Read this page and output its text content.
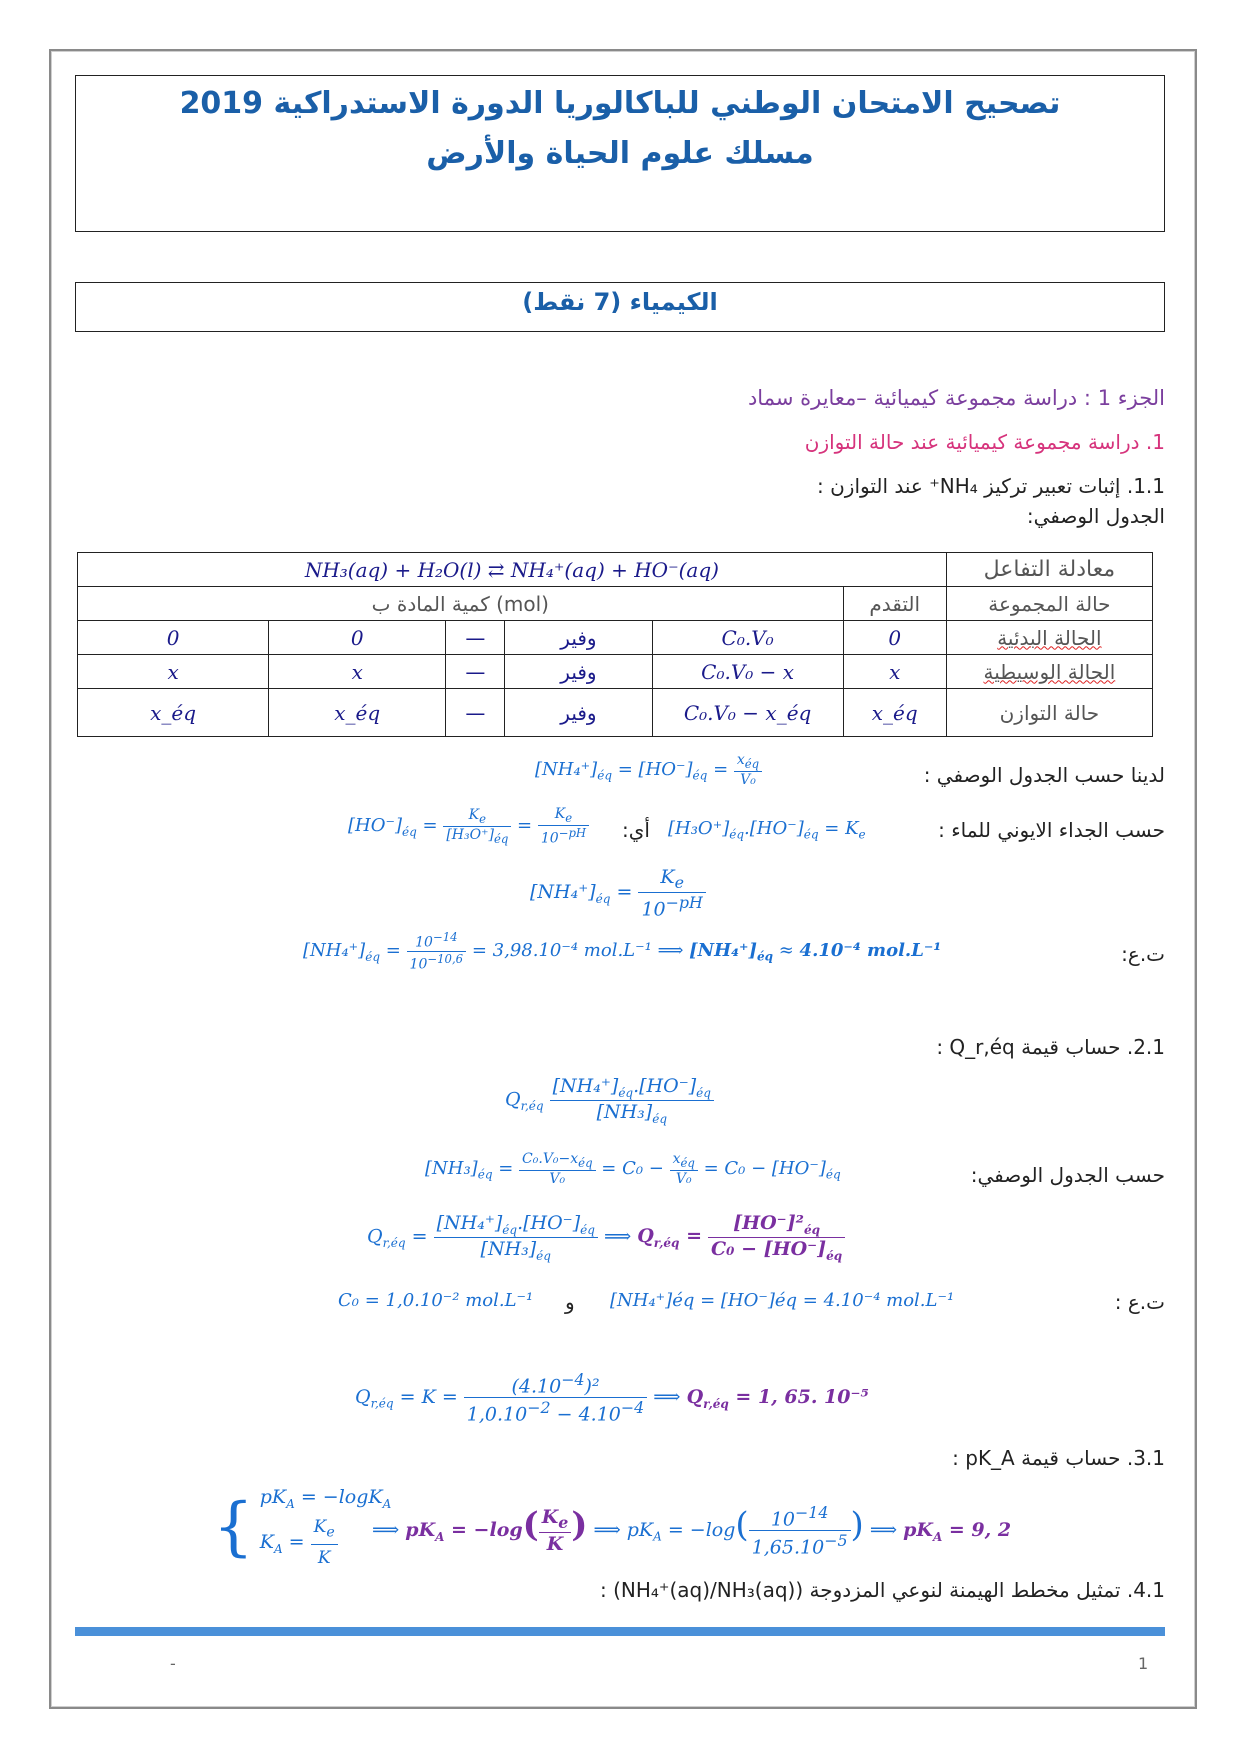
تصحيح الامتحان الوطني للباكالوريا الدورة الاستدراكية 2019
مسلك علوم الحياة والأرض
الكيمياء (7 نقط)
الجزء 1 : دراسة مجموعة كيميائية –معايرة سماد
1. دراسة مجموعة كيميائية عند حالة التوازن
1.1. إثبات تعبير تركيز NH₄⁺ عند التوازن :
الجدول الوصفي:
NH₃(aq) + H₂O(l) ⇄ NH₄⁺(aq) + HO⁻(aq)						معادلة التفاعل
كمية المادة ب (mol)					التقدم	حالة المجموعة
0	0	—	وفير	C₀.V₀	0	الحالة البدئية
x	x	—	وفير	C₀.V₀ − x	x	الحالة الوسيطية
x_éq	x_éq	—	وفير	C₀.V₀ − x_éq	x_éq	حالة التوازن
لدينا حسب الجدول الوصفي :
$[NH_4^+]_{éq} = [HO^-]_{éq} = \frac{x_{éq}}{\text{V₀}}$
حسب الجداء الايوني للماء :
$[H_3O^+]_{éq}.[HO^-]_{éq} = K_e$
أي:
$[HO^-]_{éq} = \frac{K_e}{[H_3O^+]_{éq}} = \frac{K_e}{10^{-pH}}$
$[NH_4^+]_{éq} = \frac{K_e}{10^{-pH}}$
ت.ع:
$[NH_4^+]_{éq} = \frac{10^{-14}}{10^{-10,6}} = 3,98.10^{-4}$ mol.L⁻¹ ⟹ $[NH_4^+]_{éq} \approx 4.10^{-4}$ mol.L⁻¹
2.1. حساب قيمة Q_r,éq :
$Q_{r,éq} \frac{[NH_4^+]_{éq}.[HO^-]_{éq}}{[NH_3]_{éq}}$
حسب الجدول الوصفي:
$[NH_3]_{éq} = \frac{C_0.V_0-x_{éq}}{\text{V₀}} = C_0 - \frac{x_{éq}}{\text{V₀}} = C_0 - [HO^-]_{éq}$
$Q_{r,éq} = \frac{[NH_4^+]_{éq}.[HO^-]_{éq}}{[NH_3]_{éq}}$ ⟹ $Q_{r,éq} = \frac{[HO^-]^2_{éq}}{C_0 - [HO^-]_{éq}}$
ت.ع :
[NH₄⁺]éq = [HO⁻]éq = 4.10⁻⁴ mol.L⁻¹
و
C₀ = 1,0.10⁻² mol.L⁻¹
$Q_{r,éq} = K = \frac{(4.10^{-4})^2}{1,0.10^{-2} - 4.10^{-4}}$ ⟹ $Q_{r,éq} = 1$, 65. 10⁻⁵
3.1. حساب قيمة pK_A :
{ $pK_A = -\log K_A$
$K_A = \frac{K_e}{K}$ ⟹ $pK_A = -\log( \frac{K_e}{K}$ ) ⟹ $pK_A = -\log( \frac{10^{-14}}{1,65.10^{-5}}$ ) ⟹ $pK_A = 9$, 2
4.1. تمثيل مخطط الهيمنة لنوعي المزدوجة (NH₄⁺(aq)/NH₃(aq)) :
-	1
